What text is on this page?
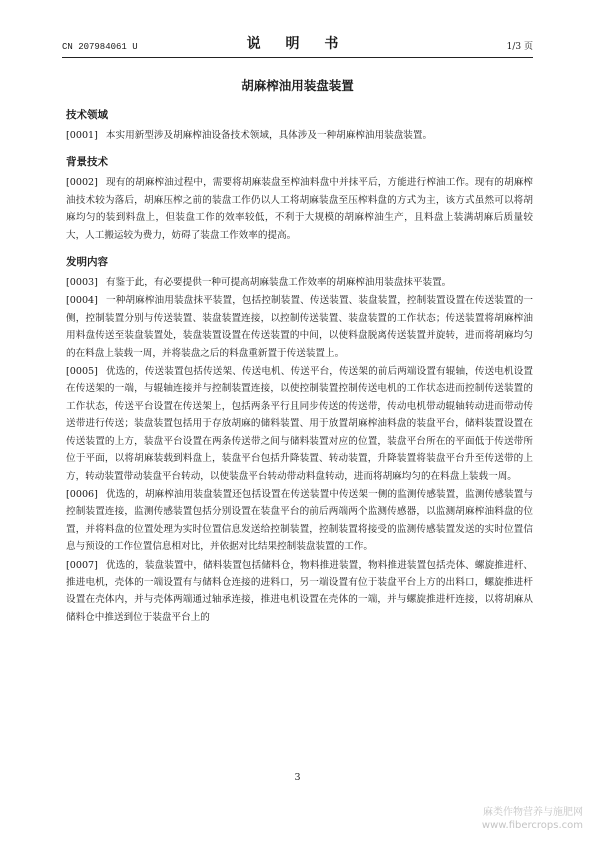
CN 207984061 U	说 明 书	1/3 页
胡麻榨油用装盘装置
技术领域

[0001] 本实用新型涉及胡麻榨油设备技术领域，具体涉及一种胡麻榨油用装盘装置。

背景技术

[0002] 现有的胡麻榨油过程中，需要将胡麻装盘至榨油料盘中并抹平后，方能进行榨油工作。现有的胡麻榨油技术较为落后，胡麻压榨之前的装盘工作仍以人工将胡麻装盘至压榨料盘的方式为主，该方式虽然可以将胡麻均匀的装到料盘上，但装盘工作的效率较低，不利于大规模的胡麻榨油生产，且料盘上装满胡麻后质量较大，人工搬运较为费力，妨碍了装盘工作效率的提高。

发明内容

[0003] 有鉴于此，有必要提供一种可提高胡麻装盘工作效率的胡麻榨油用装盘抹平装置。

[0004] 一种胡麻榨油用装盘抹平装置，包括控制装置、传送装置、装盘装置，控制装置设置在传送装置的一侧，控制装置分别与传送装置、装盘装置连接，以控制传送装置、装盘装置的工作状态；传送装置将胡麻榨油用料盘传送至装盘装置处，装盘装置设置在传送装置的中间，以使料盘脱离传送装置并旋转，进而将胡麻均匀的在料盘上装载一周，并将装盘之后的料盘重新置于传送装置上。

[0005] 优选的，传送装置包括传送架、传送电机、传送平台，传送架的前后两端设置有辊轴，传送电机设置在传送架的一端，与辊轴连接并与控制装置连接，以使控制装置控制传送电机的工作状态进而控制传送装置的工作状态，传送平台设置在传送架上，包括两条平行且同步传送的传送带，传动电机带动辊轴转动进而带动传送带进行传送；装盘装置包括用于存放胡麻的储料装置、用于放置胡麻榨油料盘的装盘平台，储料装置设置在传送装置的上方，装盘平台设置在两条传送带之间与储料装置对应的位置，装盘平台所在的平面低于传送带所位于平面，以将胡麻装载到料盘上，装盘平台包括升降装置、转动装置，升降装置将装盘平台升至传送带的上方，转动装置带动装盘平台转动，以使装盘平台转动带动料盘转动，进而将胡麻均匀的在料盘上装载一周。

[0006] 优选的，胡麻榨油用装盘装置还包括设置在传送装置中传送架一侧的监测传感装置，监测传感装置与控制装置连接，监测传感装置包括分别设置在装盘平台的前后两端两个监测传感器，以监测胡麻榨油料盘的位置，并将料盘的位置处理为实时位置信息发送给控制装置，控制装置将接受的监测传感装置发送的实时位置信息与预设的工作位置信息相对比，并依据对比结果控制装盘装置的工作。

[0007] 优选的，装盘装置中，储料装置包括储料仓，物料推进装置，物料推进装置包括壳体、螺旋推进杆、推进电机，壳体的一端设置有与储料仓连接的进料口，另一端设置有位于装盘平台上方的出料口，螺旋推进杆设置在壳体内，并与壳体两端通过轴承连接，推进电机设置在壳体的一端，并与螺旋推进杆连接，以将胡麻从储料仓中推送到位于装盘平台上的

3
麻类作物营养与施肥网
www.fibercrops.com
